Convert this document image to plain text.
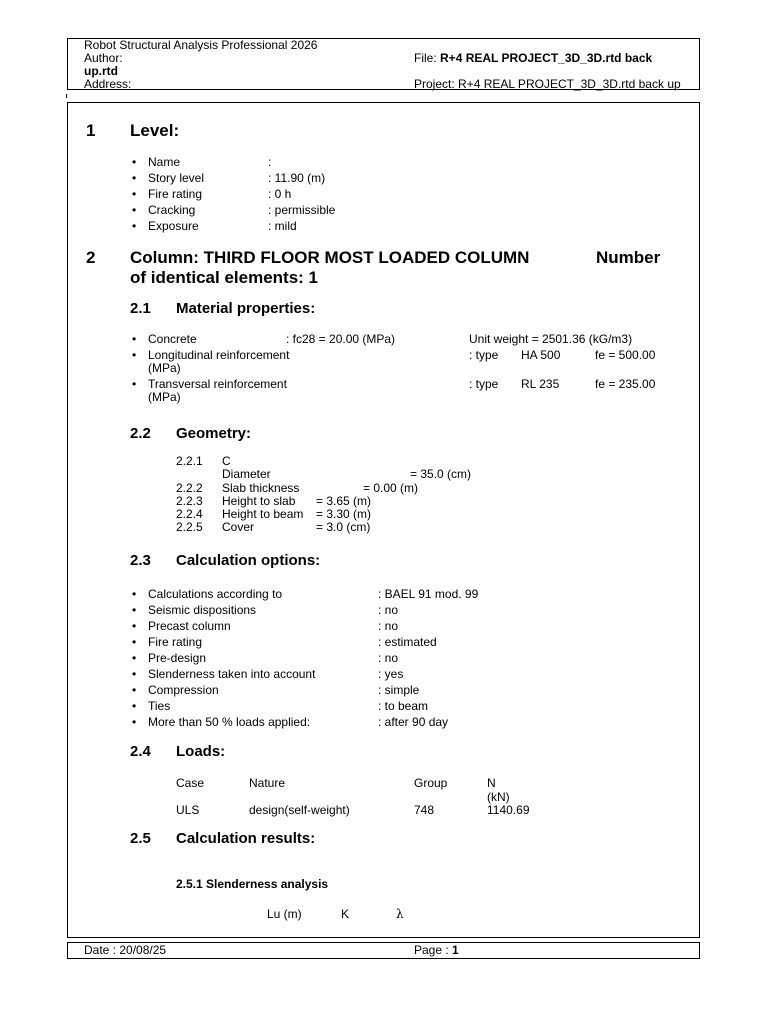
Robot Structural Analysis Professional 2026
Author:	File: R+4 REAL PROJECT_3D_3D.rtd back
up.rtd
Address:	Project: R+4 REAL PROJECT_3D_3D.rtd back up
1 Level:
• Name	:
• Story level	: 11.90 (m)
• Fire rating	: 0 h
• Cracking	: permissible
• Exposure	: mild
2 Column: THIRD FLOOR MOST LOADED COLUMN	Number
of identical elements: 1
2.1 Material properties:
• Concrete	: fc28 = 20.00 (MPa)	Unit weight = 2501.36 (kG/m3)
• Longitudinal reinforcement	: type HA 500	fe = 500.00
(MPa)
• Transversal reinforcement	: type RL 235	fe = 235.00
(MPa)
2.2 Geometry:
2.2.1 C
Diameter	= 35.0 (cm)
2.2.2 Slab thickness	= 0.00 (m)
2.2.3 Height to slab = 3.65 (m)
2.2.4 Height to beam = 3.30 (m)
2.2.5 Cover	= 3.0 (cm)
2.3 Calculation options:
• Calculations according to	: BAEL 91 mod. 99
• Seismic dispositions	: no
• Precast column	: no
• Fire rating	: estimated
• Pre-design	: no
• Slenderness taken into account	: yes
• Compression	: simple
• Ties	: to beam
• More than 50 % loads applied:	: after 90 day
2.4 Loads:
Case	Nature	Group	N
(kN)
ULS	design(self-weight)	748	1140.69
2.5 Calculation results:
2.5.1 Slenderness analysis
Lu (m)	K	λ
Date : 20/08/25	Page : 1
